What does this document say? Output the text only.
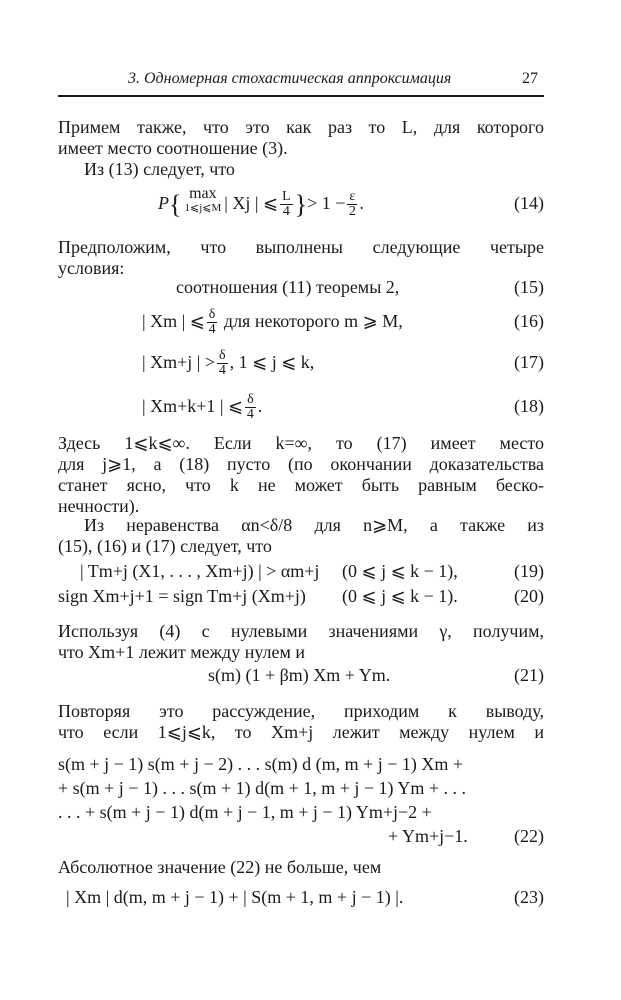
3. Одномерная стохастическая аппроксимация	27
Примем также, что это как раз то L, для которого
имеет место соотношение (3).
Из (13) следует, что
P{ max
1⩽j⩽M | Xj | ⩽ $\frac{L}{4}$ }> $1 - \frac{\varepsilon}{2}$ .	(14)
Предположим, что выполнены следующие четыре
условия:
соотношения (11) теоремы 2,	(15)
| Xm | ⩽ $\frac{\delta}{4}$ для некоторого m ⩾ M,	(16)
| Xm+j | > $\frac{\delta}{4}$ , 1 ⩽ j ⩽ k,	(17)
| Xm+k+1 | ⩽ $\frac{\delta}{4}$ .	(18)
Здесь 1⩽k⩽∞. Если k=∞, то (17) имеет место
для j⩾1, а (18) пусто (по окончании доказательства
станет ясно, что k не может быть равным беско-
нечности).
Из неравенства αn<δ/8 для n⩾M, а также из
(15), (16) и (17) следует, что
| Tm+j (X1, . . . , Xm+j) | > αm+j (0 ⩽ j ⩽ k − 1),	(19)
sign Xm+j+1 = sign Tm+j (Xm+j) (0 ⩽ j ⩽ k − 1).	(20)
Используя (4) с нулевыми значениями γ, получим,
что Xm+1 лежит между нулем и
s(m) (1 + βm) Xm + Ym.	(21)
Повторяя это рассуждение, приходим к выводу,
что если 1⩽j⩽k, то Xm+j лежит между нулем и
s(m + j − 1) s(m + j − 2) . . . s(m) d (m, m + j − 1) Xm +
+ s(m + j − 1) . . . s(m + 1) d(m + 1, m + j − 1) Ym + . . .
. . . + s(m + j − 1) d(m + j − 1, m + j − 1) Ym+j−2 +
+ Ym+j−1.	(22)
Абсолютное значение (22) не больше, чем
| Xm | d(m, m + j − 1) + | S(m + 1, m + j − 1) |.	(23)
